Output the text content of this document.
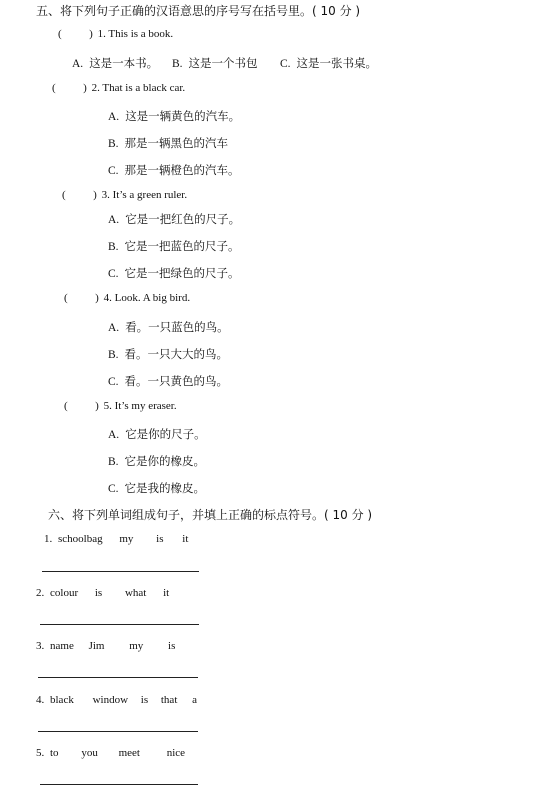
五、将下列句子正确的汉语意思的序号写在括号里。( 10 分 )
(	) 1. This is a book.
A. 这是一本书。 B. 这是一个书包 C. 这是一张书桌。
(	) 2. That is a black car.
A. 这是一辆黄色的汽车。
B. 那是一辆黑色的汽车
C. 那是一辆橙色的汽车。
(	) 3. It’s a green ruler.
A. 它是一把红色的尺子。
B. 它是一把蓝色的尺子。
C. 它是一把绿色的尺子。
(	) 4. Look. A big bird.
A. 看。一只蓝色的鸟。
B. 看。一只大大的鸟。
C. 看。一只黄色的鸟。
(	) 5. It’s my eraser.
A. 它是你的尺子。
B. 它是你的橡皮。
C. 它是我的橡皮。
六、将下列单词组成句子，并填上正确的标点符号。( 10 分 )
1. schoolbag my is it
2. colour is what it
3. name Jim my is
4. black window is that a
5. to you meet nice
